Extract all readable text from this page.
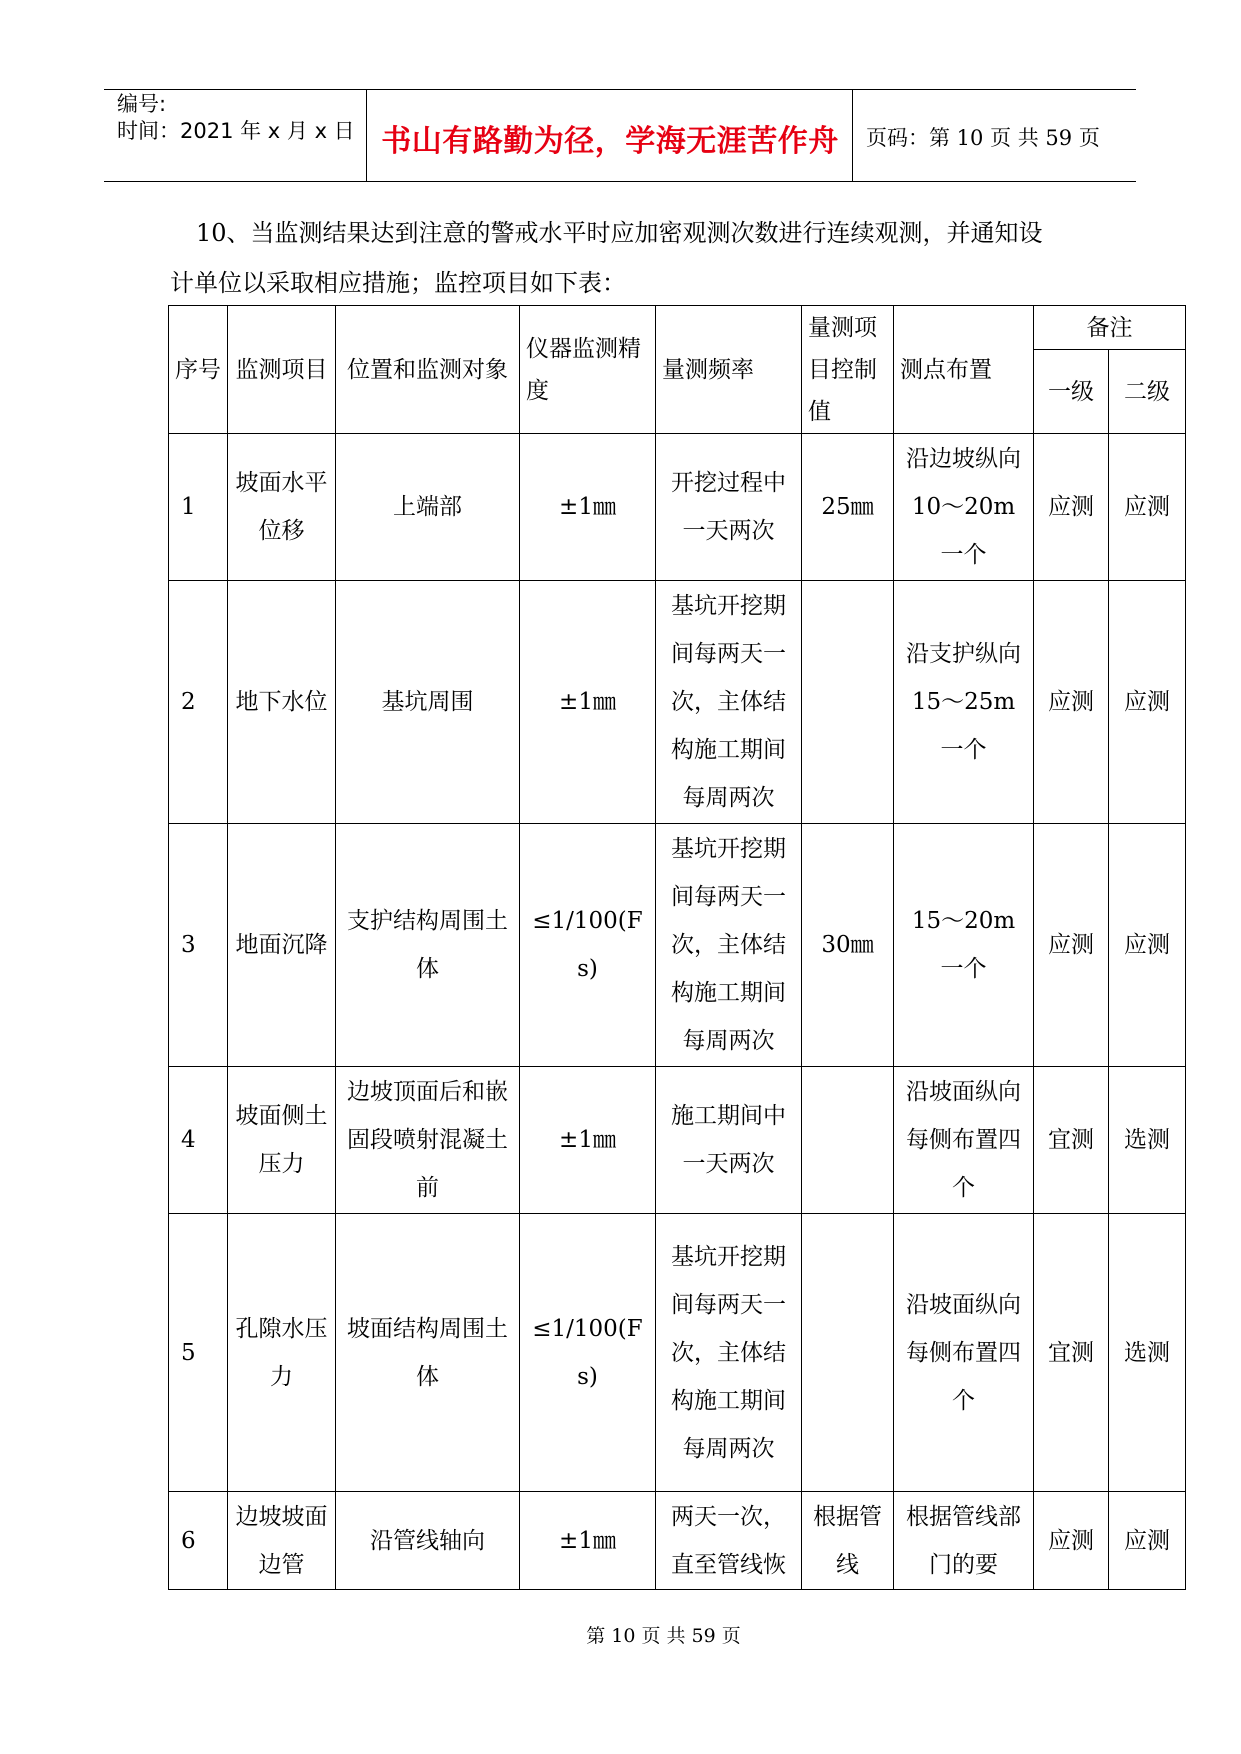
编号:
时间：2021 年 x 月 x 日 书山有路勤为径，学海无涯苦作舟	页码：第 10 页 共 59 页
10、当监测结果达到注意的警戒水平时应加密观测次数进行连续观测，并通知设
计单位以采取相应措施；监控项目如下表：
序号	监测项目	位置和监测对象	仪器监测精度	量测频率	量测项目控制值	测点布置	备注	
							一级	二级
1	坡面水平位移	上端部	±1㎜	开挖过程中一天两次	25㎜	沿边坡纵向 10～20m 一个	应测	应测
2	地下水位	基坑周围	±1㎜	基坑开挖期间每两天一次，主体结构施工期间每周两次		沿支护纵向 15～25m 一个	应测	应测
3	地面沉降	支护结构周围土体	≤1/100(Fs)	基坑开挖期间每两天一次，主体结构施工期间每周两次	30㎜	15～20m 一个	应测	应测
4	坡面侧土压力	边坡顶面后和嵌固段喷射混凝土前	±1㎜	施工期间中一天两次		沿坡面纵向每侧布置四个	宜测	选测
5	孔隙水压力	坡面结构周围土体	≤1/100(Fs)	基坑开挖期间每两天一次，主体结构施工期间每周两次		沿坡面纵向每侧布置四个	宜测	选测
6	边坡坡面边管	沿管线轴向	±1㎜	两天一次，直至管线恢	根据管线	根据管线部门的要	应测	应测
第 10 页 共 59 页
